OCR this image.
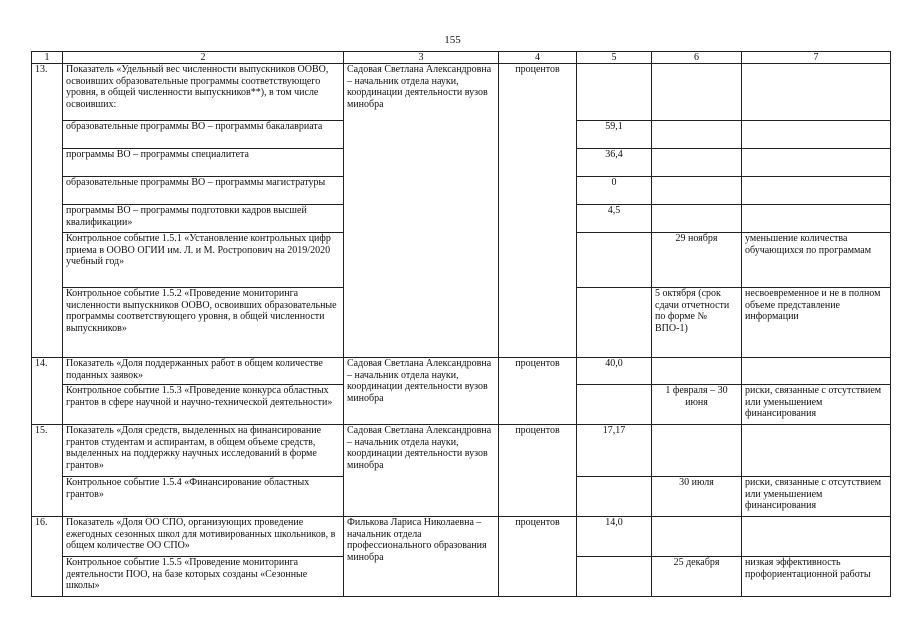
155
1	2	3	4	5	6	7
13.	Показатель «Удельный вес численности выпускников ООВО, освоивших образовательные программы соответствующего уровня, в общей численности выпускников**), в том числе освоивших:	Садовая Светлана Александровна – начальник отдела науки, координации деятельности вузов минобра	процентов			
	образовательные программы ВО – программы бакалавриата			59,1		
	программы ВО – программы специалитета			36,4		
	образовательные программы ВО – программы магистратуры			0		
	программы ВО – программы подготовки кадров высшей квалификации»			4,5		
	Контрольное событие 1.5.1 «Установление контрольных цифр приема в ООВО ОГИИ им. Л. и М. Ростропович на 2019/2020 учебный год»				29 ноября	уменьшение количества обучающихся по программам
	Контрольное событие 1.5.2 «Проведение мониторинга численности выпускников ООВО, освоивших образовательные программы соответствующего уровня, в общей численности выпускников»				5 октября (срок сдачи отчетности по форме № ВПО-1)	несвоевременное и не в полном объеме представление информации
14.	Показатель «Доля поддержанных работ в общем количестве поданных заявок»	Садовая Светлана Александровна – начальник отдела науки, координации деятельности вузов минобра	процентов	40,0		
	Контрольное событие 1.5.3 «Проведение конкурса областных грантов в сфере научной и научно-технической деятельности»				1 февраля – 30 июня	риски, связанные с отсутствием или уменьшением финансирования
15.	Показатель «Доля средств, выделенных на финансирование грантов студентам и аспирантам, в общем объеме средств, выделенных на поддержку научных исследований в форме грантов»	Садовая Светлана Александровна – начальник отдела науки, координации деятельности вузов минобра	процентов	17,17		
	Контрольное событие 1.5.4 «Финансирование областных грантов»				30 июля	риски, связанные с отсутствием или уменьшением финансирования
16.	Показатель «Доля ОО СПО, организующих проведение ежегодных сезонных школ для мотивированных школьников, в общем количестве ОО СПО»	Филькова Лариса Николаевна – начальник отдела профессионального образования минобра	процентов	14,0		
	Контрольное событие 1.5.5 «Проведение мониторинга деятельности ПОО, на базе которых созданы «Сезонные школы»				25 декабря	низкая эффективность профориентационной работы
